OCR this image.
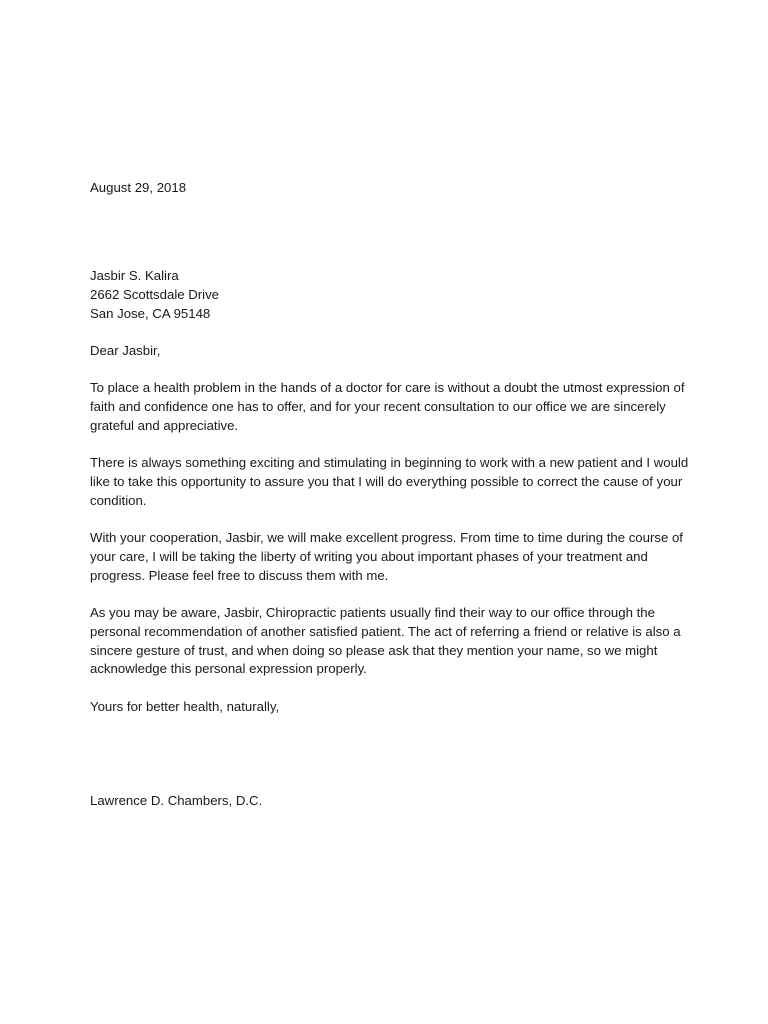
August 29, 2018

Jasbir S. Kalira
2662 Scottsdale Drive
San Jose, CA 95148

Dear Jasbir,

To place a health problem in the hands of a doctor for care is without a doubt the utmost expression of
faith and confidence one has to offer, and for your recent consultation to our office we are sincerely
grateful and appreciative.

There is always something exciting and stimulating in beginning to work with a new patient and I would
like to take this opportunity to assure you that I will do everything possible to correct the cause of your
condition.

With your cooperation, Jasbir, we will make excellent progress. From time to time during the course of
your care, I will be taking the liberty of writing you about important phases of your treatment and
progress. Please feel free to discuss them with me.

As you may be aware, Jasbir, Chiropractic patients usually find their way to our office through the
personal recommendation of another satisfied patient. The act of referring a friend or relative is also a
sincere gesture of trust, and when doing so please ask that they mention your name, so we might
acknowledge this personal expression properly.

Yours for better health, naturally,

Lawrence D. Chambers, D.C.
